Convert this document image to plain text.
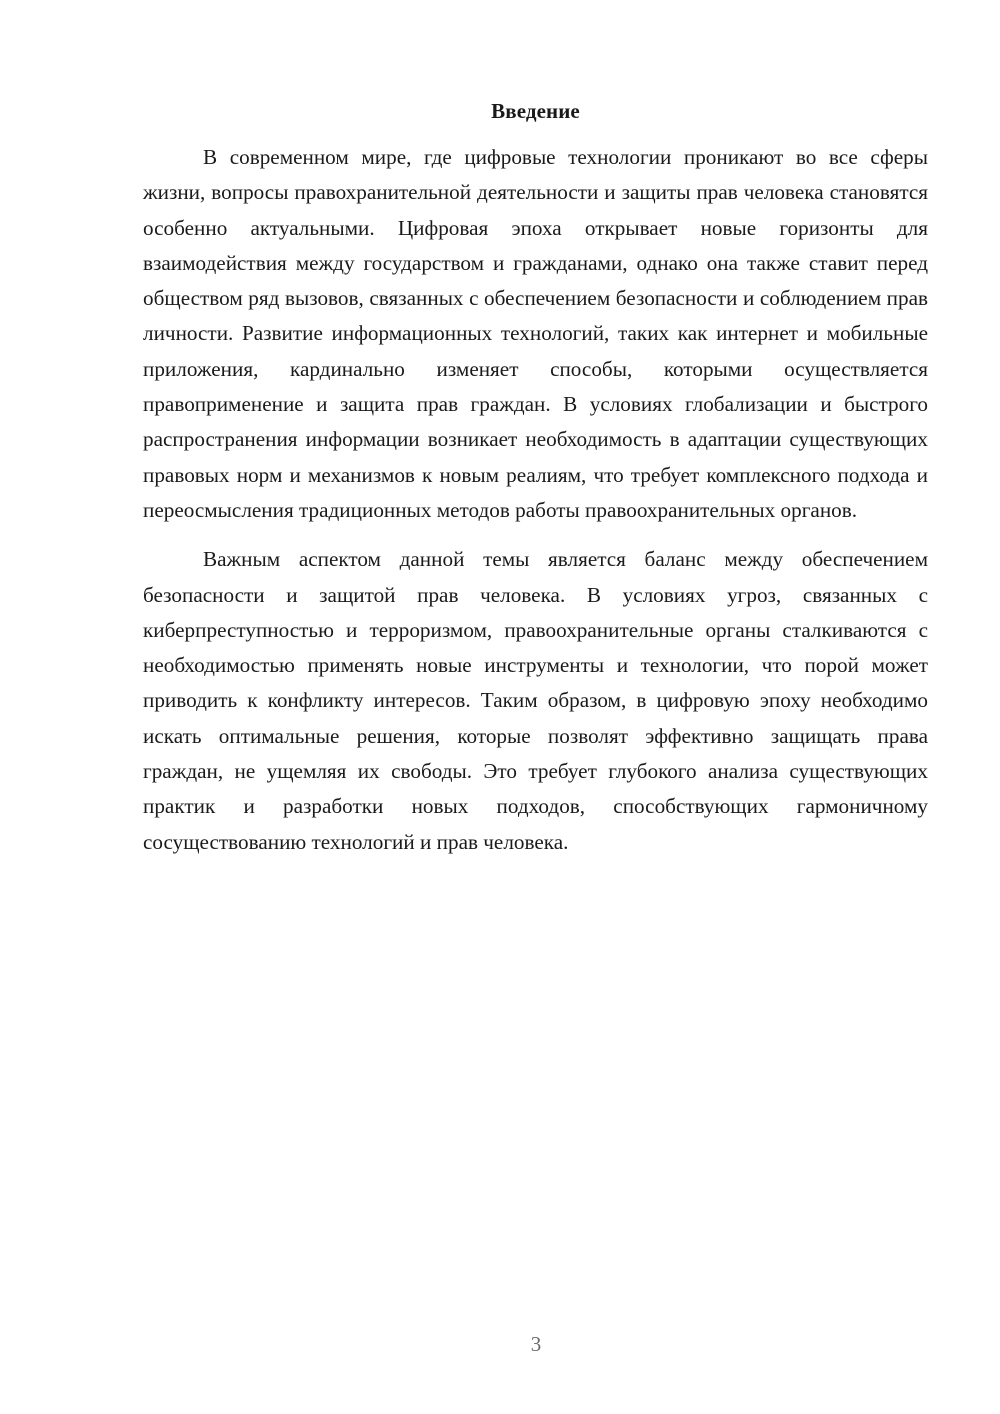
Введение

В современном мире, где цифровые технологии проникают во все сферы жизни, вопросы правохранительной деятельности и защиты прав человека становятся особенно актуальными. Цифровая эпоха открывает новые горизонты для взаимодействия между государством и гражданами, однако она также ставит перед обществом ряд вызовов, связанных с обеспечением безопасности и соблюдением прав личности. Развитие информационных технологий, таких как интернет и мобильные приложения, кардинально изменяет способы, которыми осуществляется правоприменение и защита прав граждан. В условиях глобализации и быстрого распространения информации возникает необходимость в адаптации существующих правовых норм и механизмов к новым реалиям, что требует комплексного подхода и переосмысления традиционных методов работы правоохранительных органов.

Важным аспектом данной темы является баланс между обеспечением безопасности и защитой прав человека. В условиях угроз, связанных с киберпреступностью и терроризмом, правоохранительные органы сталкиваются с необходимостью применять новые инструменты и технологии, что порой может приводить к конфликту интересов. Таким образом, в цифровую эпоху необходимо искать оптимальные решения, которые позволят эффективно защищать права граждан, не ущемляя их свободы. Это требует глубокого анализа существующих практик и разработки новых подходов, способствующих гармоничному сосуществованию технологий и прав человека.

3
